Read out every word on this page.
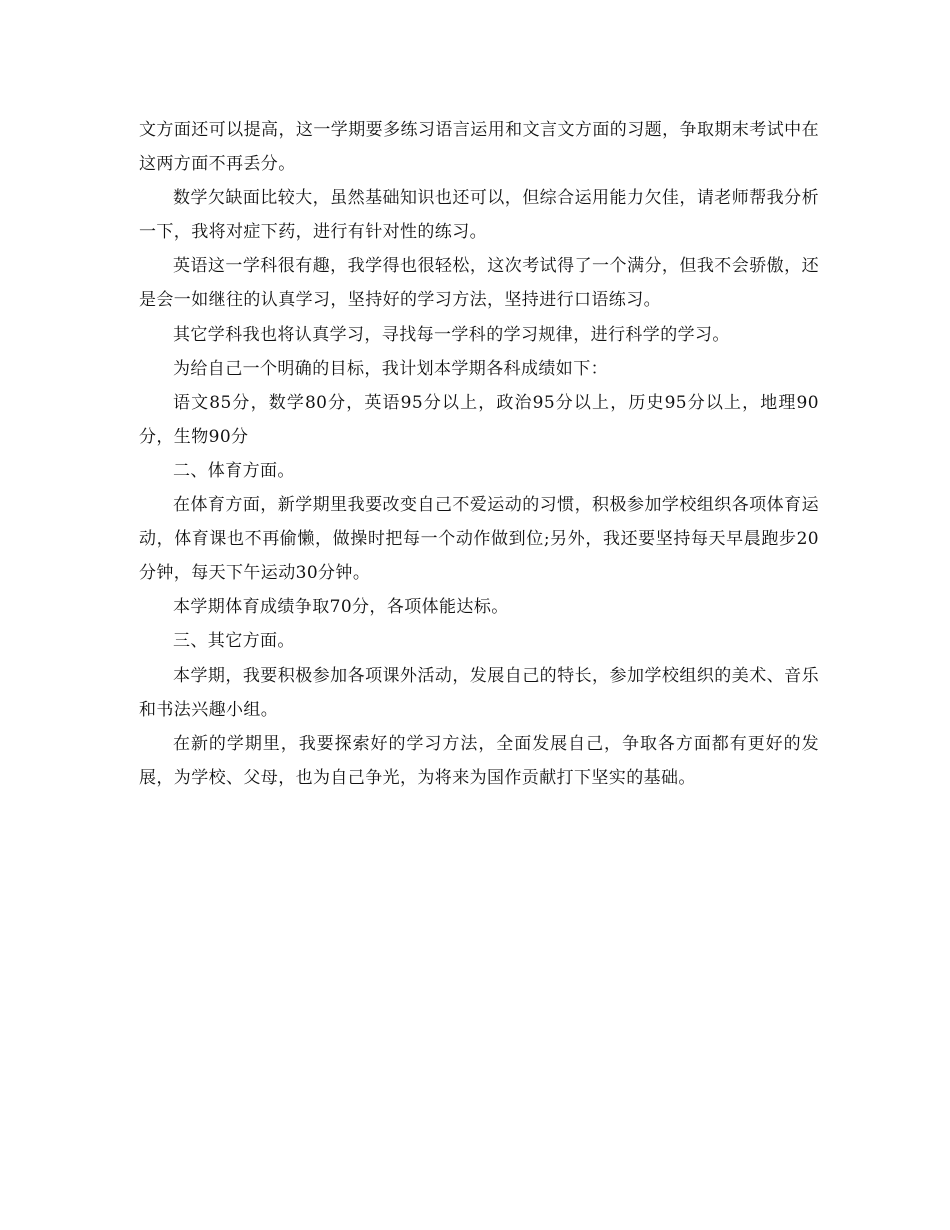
文方面还可以提高，这一学期要多练习语言运用和文言文方面的习题，争取期末考试中在这两方面不再丢分。

数学欠缺面比较大，虽然基础知识也还可以，但综合运用能力欠佳，请老师帮我分析一下，我将对症下药，进行有针对性的练习。

英语这一学科很有趣，我学得也很轻松，这次考试得了一个满分，但我不会骄傲，还是会一如继往的认真学习，坚持好的学习方法，坚持进行口语练习。

其它学科我也将认真学习，寻找每一学科的学习规律，进行科学的学习。

为给自己一个明确的目标，我计划本学期各科成绩如下：

语文85分，数学80分，英语95分以上，政治95分以上，历史95分以上，地理90分，生物90分

二、体育方面。

在体育方面，新学期里我要改变自己不爱运动的习惯，积极参加学校组织各项体育运动，体育课也不再偷懒，做操时把每一个动作做到位;另外，我还要坚持每天早晨跑步20分钟，每天下午运动30分钟。

本学期体育成绩争取70分，各项体能达标。

三、其它方面。

本学期，我要积极参加各项课外活动，发展自己的特长，参加学校组织的美术、音乐和书法兴趣小组。

在新的学期里，我要探索好的学习方法，全面发展自己，争取各方面都有更好的发展，为学校、父母，也为自己争光，为将来为国作贡献打下坚实的基础。
